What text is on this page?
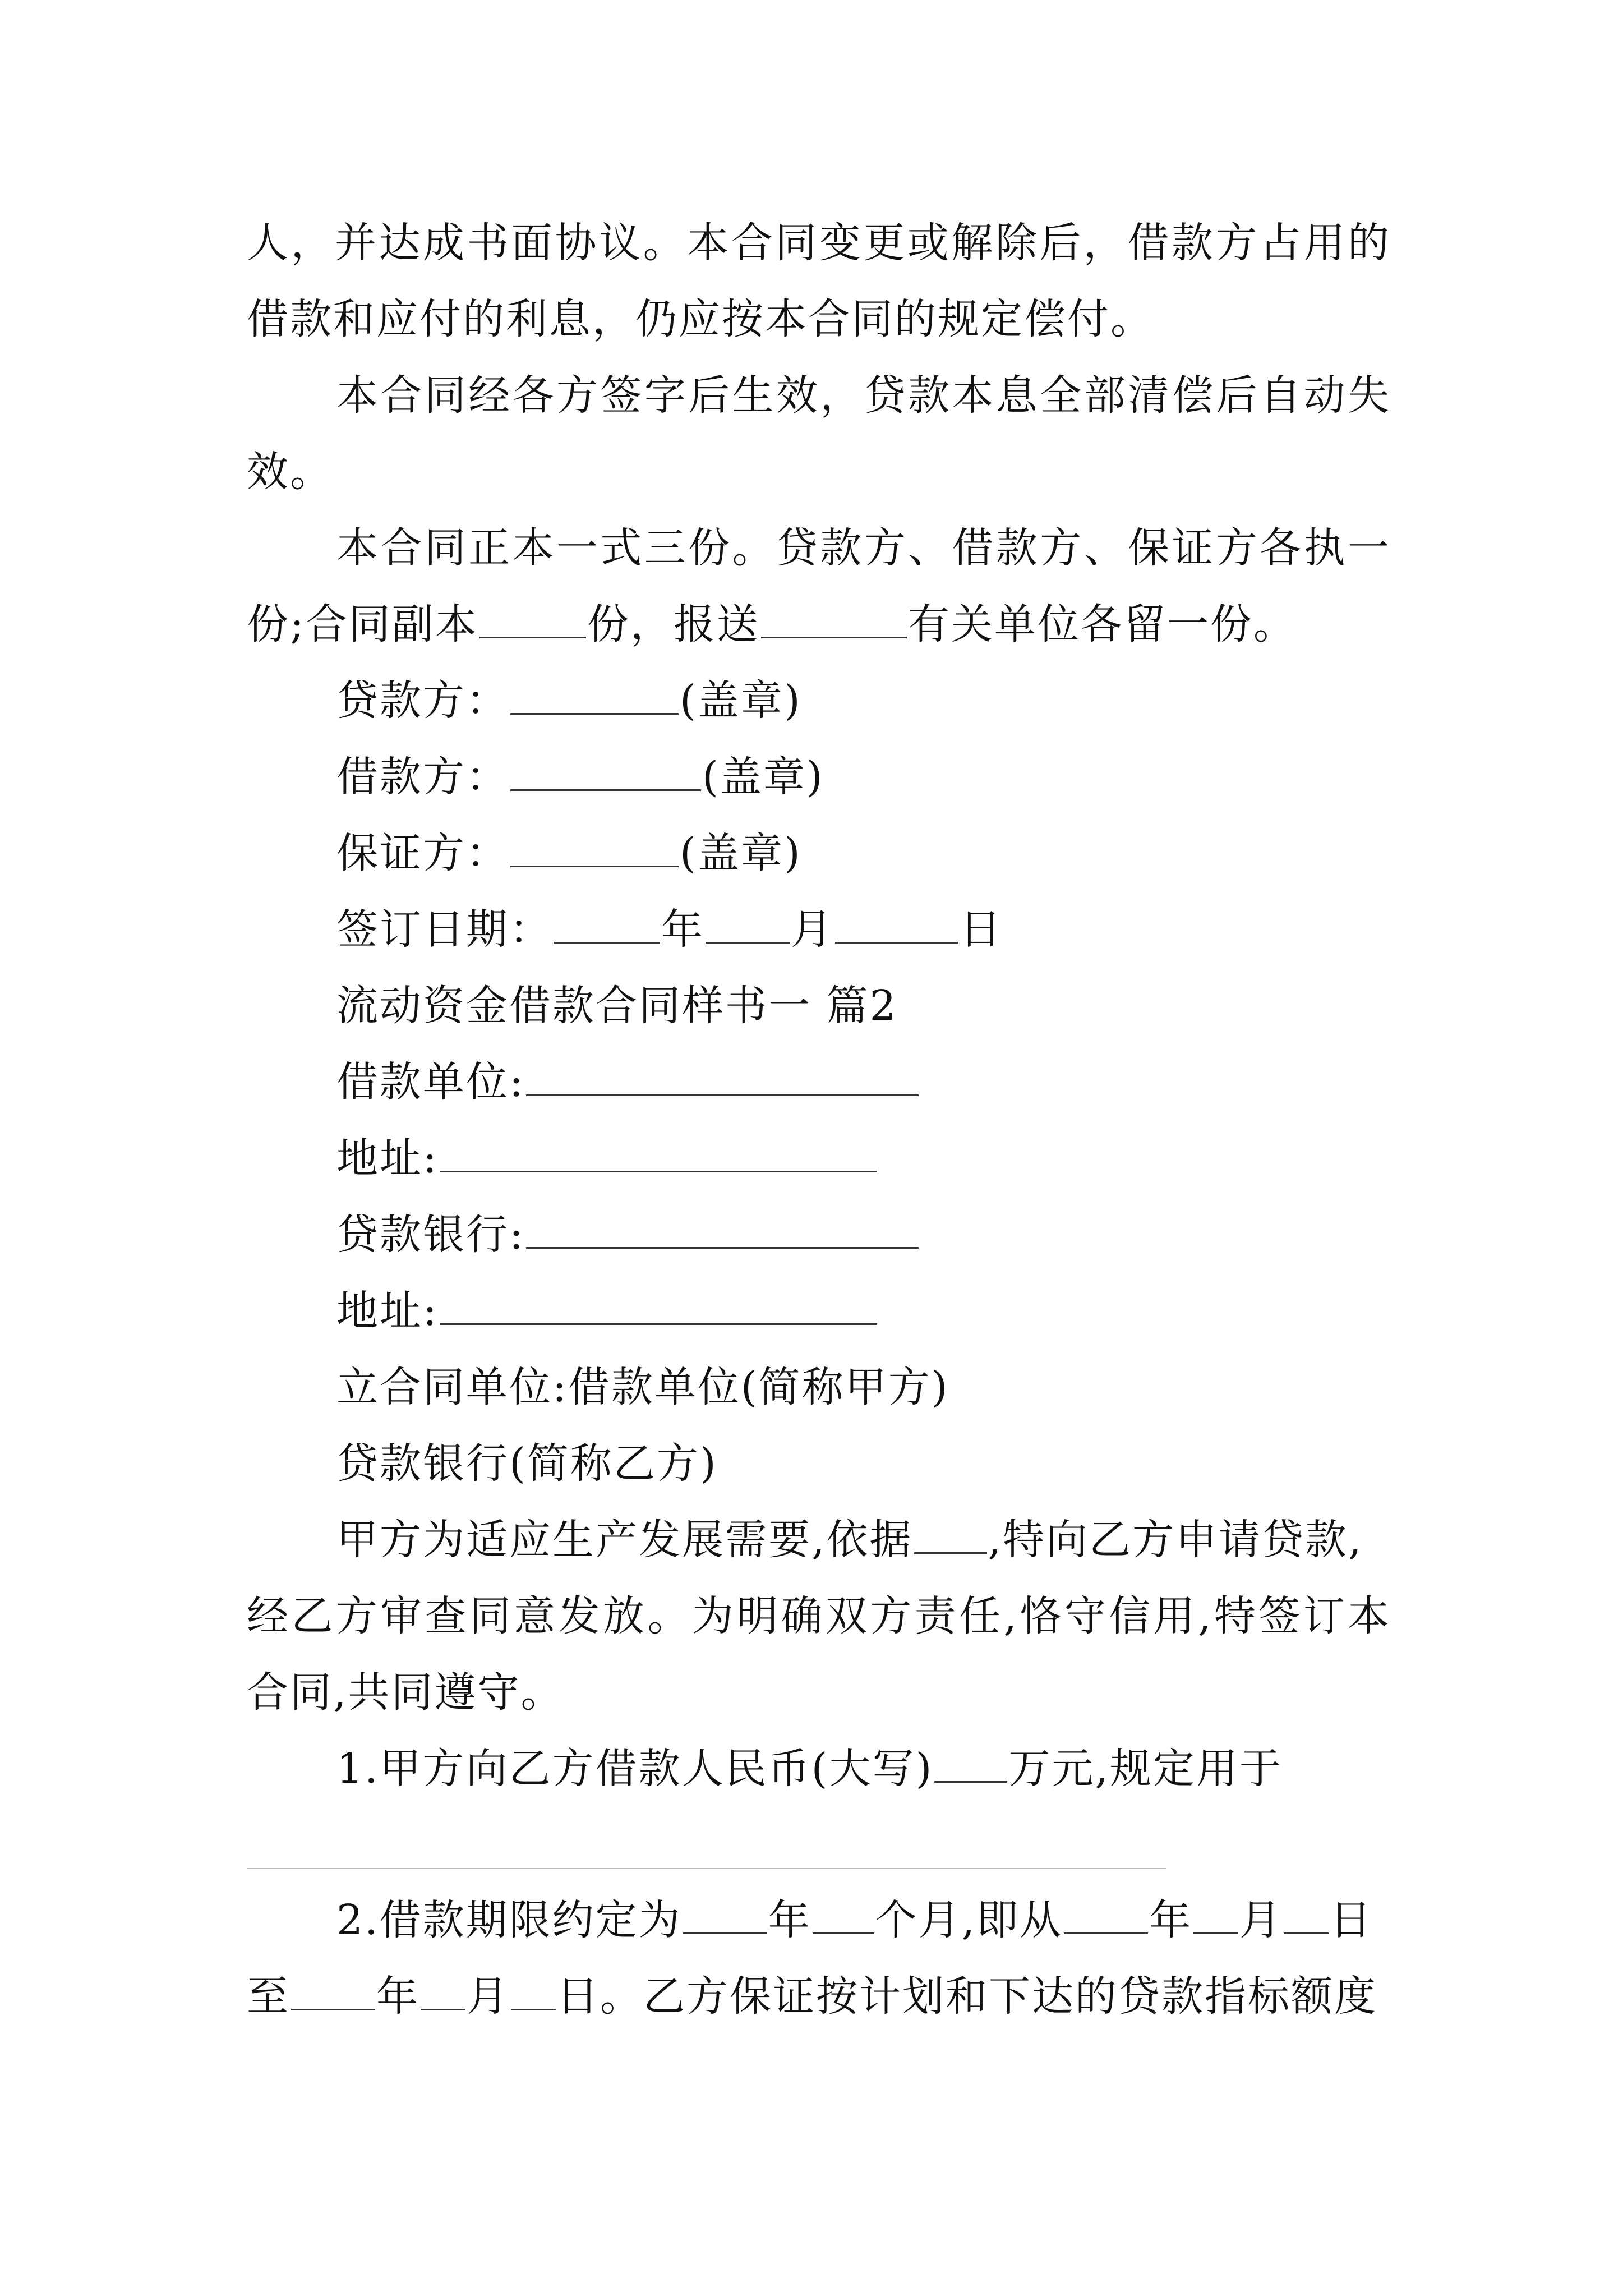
人，并达成书面协议。本合同变更或解除后，借款方占用的
借款和应付的利息，仍应按本合同的规定偿付。
本合同经各方签字后生效，贷款本息全部清偿后自动失
效。
本合同正本一式三份。贷款方、借款方、保证方各执一
份;合同副本	份，报送	有关单位各留一份。
贷款方：	(盖章)
借款方：	(盖章)
保证方：	(盖章)
签订日期：	年 月	日
流动资金借款合同样书一 篇2
借款单位:
地址:
贷款银行:
地址:
立合同单位:借款单位(简称甲方)
贷款银行(简称乙方)
甲方为适应生产发展需要,依据 ,特向乙方申请贷款,
经乙方审查同意发放。为明确双方责任,恪守信用,特签订本
合同,共同遵守。
1.甲方向乙方借款人民币(大写) 万元,规定用于
2.借款期限约定为 年 个月,即从 年 月 日
至 年 月 日。乙方保证按计划和下达的贷款指标额度
